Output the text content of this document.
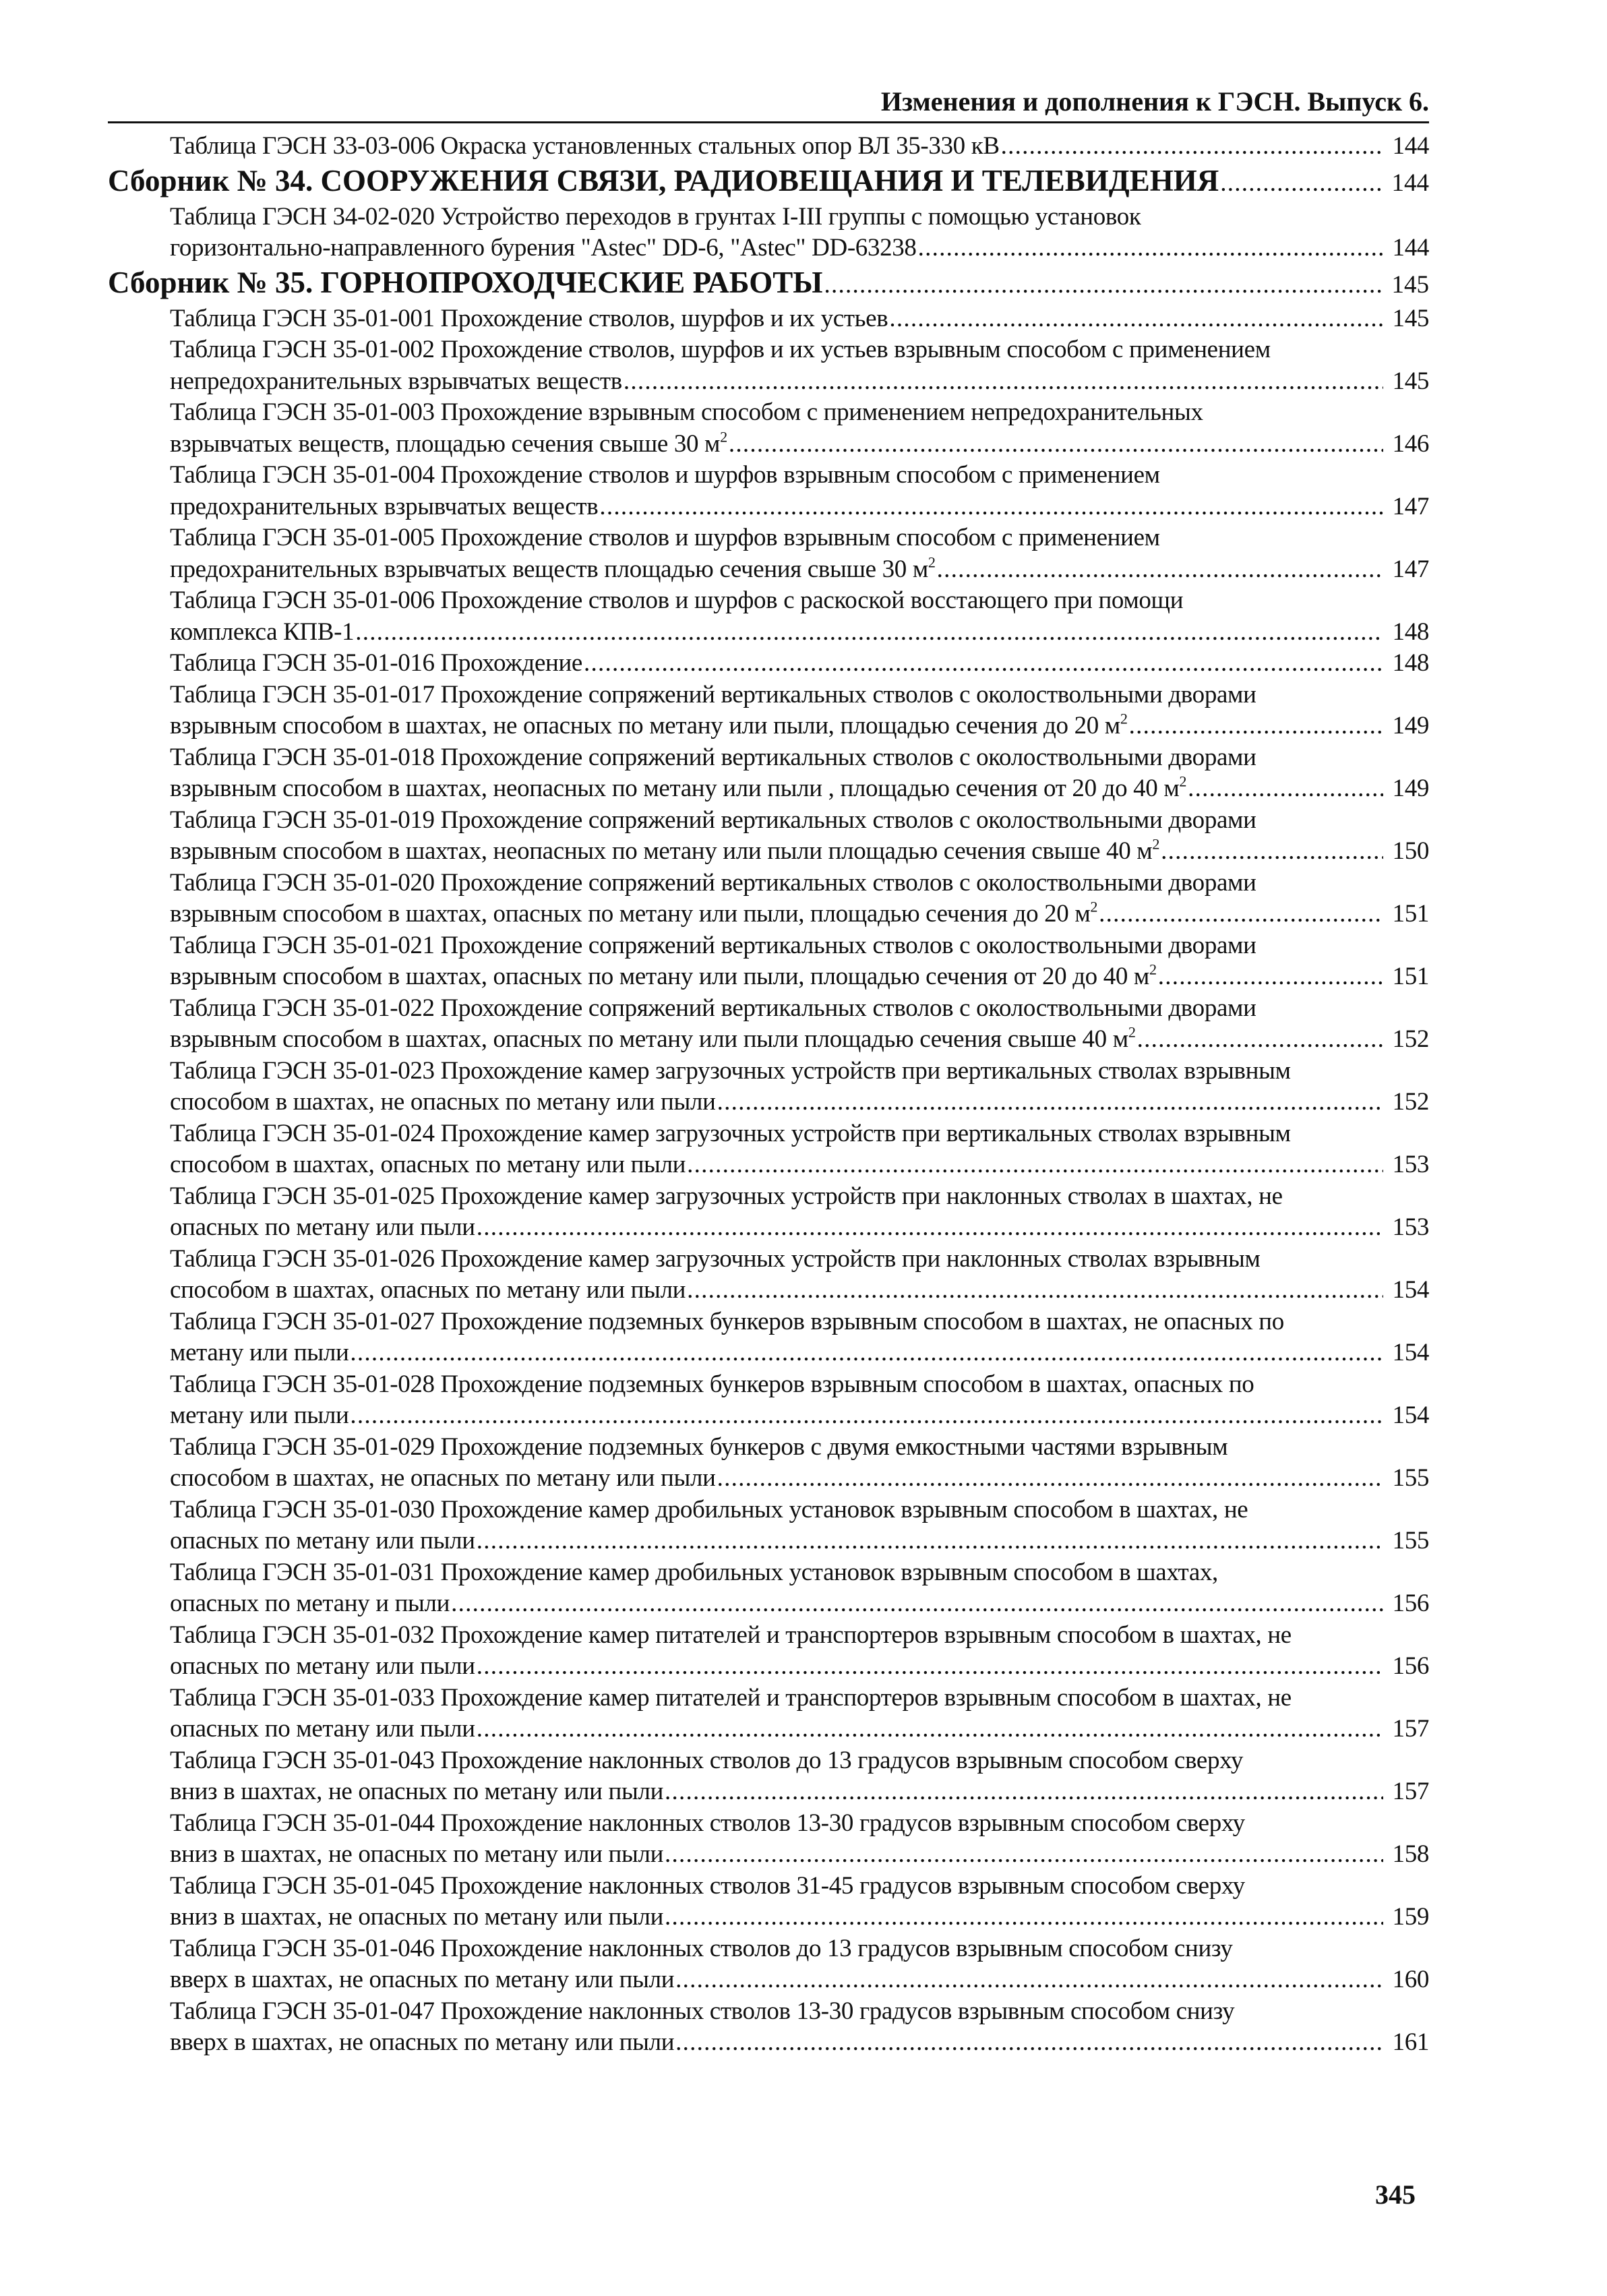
Изменения и дополнения к ГЭСН. Выпуск 6.
Таблица ГЭСН 33-03-006 Окраска установленных стальных опор ВЛ 35-330 кВ . . .	144
Сборник № 34. СООРУЖЕНИЯ СВЯЗИ, РАДИОВЕЩАНИЯ И ТЕЛЕВИДЕНИЯ . . .	144
Таблица ГЭСН 34-02-020 Устройство переходов в грунтах I-III группы с помощью установок
горизонтально-направленного бурения "Astec" DD-6, "Astec" DD-63238 . . .	144
Сборник № 35. ГОРНОПРОХОДЧЕСКИЕ РАБОТЫ . . .	145
Таблица ГЭСН 35-01-001 Прохождение стволов, шурфов и их устьев . . .	145
Таблица ГЭСН 35-01-002 Прохождение стволов, шурфов и их устьев взрывным способом с применением
непредохранительных взрывчатых веществ . . .	145
Таблица ГЭСН 35-01-003 Прохождение взрывным способом с применением непредохранительных
взрывчатых веществ, площадью сечения свыше 30 $м^2$ . . .	146
Таблица ГЭСН 35-01-004 Прохождение стволов и шурфов взрывным способом с применением
предохранительных взрывчатых веществ . . .	147
Таблица ГЭСН 35-01-005 Прохождение стволов и шурфов взрывным способом с применением
предохранительных взрывчатых веществ площадью сечения свыше 30 $м^2$ . . .	147
Таблица ГЭСН 35-01-006 Прохождение стволов и шурфов с раскоской восстающего при помощи
комплекса КПВ-1 . . .	148
Таблица ГЭСН 35-01-016 Прохождение . . .	148
Таблица ГЭСН 35-01-017 Прохождение сопряжений вертикальных стволов с околоствольными дворами
взрывным способом в шахтах, не опасных по метану или пыли, площадью сечения до 20 $м^2$ . . .	149
Таблица ГЭСН 35-01-018 Прохождение сопряжений вертикальных стволов с околоствольными дворами
взрывным способом в шахтах, неопасных по метану или пыли , площадью сечения от 20 до 40 $м^2$ . . .	149
Таблица ГЭСН 35-01-019 Прохождение сопряжений вертикальных стволов с околоствольными дворами
взрывным способом в шахтах, неопасных по метану или пыли площадью сечения свыше 40 $м^2$ . . .	150
Таблица ГЭСН 35-01-020 Прохождение сопряжений вертикальных стволов с околоствольными дворами
взрывным способом в шахтах, опасных по метану или пыли, площадью сечения до 20 $м^2$ . . .	151
Таблица ГЭСН 35-01-021 Прохождение сопряжений вертикальных стволов с околоствольными дворами
взрывным способом в шахтах, опасных по метану или пыли, площадью сечения от 20 до 40 $м^2$ . . .	151
Таблица ГЭСН 35-01-022 Прохождение сопряжений вертикальных стволов с околоствольными дворами
взрывным способом в шахтах, опасных по метану или пыли площадью сечения свыше 40 $м^2$ . . .	152
Таблица ГЭСН 35-01-023 Прохождение камер загрузочных устройств при вертикальных стволах взрывным
способом в шахтах, не опасных по метану или пыли . . .	152
Таблица ГЭСН 35-01-024 Прохождение камер загрузочных устройств при вертикальных стволах взрывным
способом в шахтах, опасных по метану или пыли . . .	153
Таблица ГЭСН 35-01-025 Прохождение камер загрузочных устройств при наклонных стволах в шахтах, не
опасных по метану или пыли . . .	153
Таблица ГЭСН 35-01-026 Прохождение камер загрузочных устройств при наклонных стволах взрывным
способом в шахтах, опасных по метану или пыли . . .	154
Таблица ГЭСН 35-01-027 Прохождение подземных бункеров взрывным способом в шахтах, не опасных по
метану или пыли . . .	154
Таблица ГЭСН 35-01-028 Прохождение подземных бункеров взрывным способом в шахтах, опасных по
метану или пыли . . .	154
Таблица ГЭСН 35-01-029 Прохождение подземных бункеров с двумя емкостными частями взрывным
способом в шахтах, не опасных по метану или пыли . . .	155
Таблица ГЭСН 35-01-030 Прохождение камер дробильных установок взрывным способом в шахтах, не
опасных по метану или пыли . . .	155
Таблица ГЭСН 35-01-031 Прохождение камер дробильных установок взрывным способом в шахтах,
опасных по метану и пыли . . .	156
Таблица ГЭСН 35-01-032 Прохождение камер питателей и транспортеров взрывным способом в шахтах, не
опасных по метану или пыли . . .	156
Таблица ГЭСН 35-01-033 Прохождение камер питателей и транспортеров взрывным способом в шахтах, не
опасных по метану или пыли . . .	157
Таблица ГЭСН 35-01-043 Прохождение наклонных стволов до 13 градусов взрывным способом сверху
вниз в шахтах, не опасных по метану или пыли . . .	157
Таблица ГЭСН 35-01-044 Прохождение наклонных стволов 13-30 градусов взрывным способом сверху
вниз в шахтах, не опасных по метану или пыли . . .	158
Таблица ГЭСН 35-01-045 Прохождение наклонных стволов 31-45 градусов взрывным способом сверху
вниз в шахтах, не опасных по метану или пыли . . .	159
Таблица ГЭСН 35-01-046 Прохождение наклонных стволов до 13 градусов взрывным способом снизу
вверх в шахтах, не опасных по метану или пыли . . .	160
Таблица ГЭСН 35-01-047 Прохождение наклонных стволов 13-30 градусов взрывным способом снизу
вверх в шахтах, не опасных по метану или пыли . . .	161
345
